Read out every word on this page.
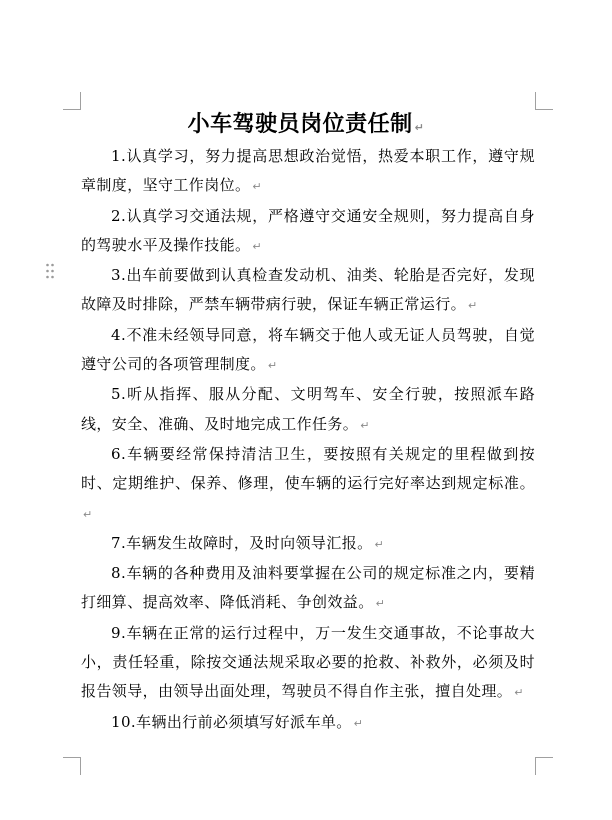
小车驾驶员岗位责任制 ↵

1.认真学习，努力提高思想政治觉悟，热爱本职工作，遵守规章制度，坚守工作岗位。 ↵

2.认真学习交通法规，严格遵守交通安全规则，努力提高自身的驾驶水平及操作技能。 ↵

3.出车前要做到认真检查发动机、油类、轮胎是否完好，发现故障及时排除，严禁车辆带病行驶，保证车辆正常运行。 ↵

4.不准未经领导同意，将车辆交于他人或无证人员驾驶，自觉遵守公司的各项管理制度。 ↵

5.听从指挥、服从分配、文明驾车、安全行驶，按照派车路线，安全、准确、及时地完成工作任务。 ↵

6.车辆要经常保持清洁卫生，要按照有关规定的里程做到按时、定期维护、保养、修理，使车辆的运行完好率达到规定标准。↵

7.车辆发生故障时，及时向领导汇报。 ↵

8.车辆的各种费用及油料要掌握在公司的规定标准之内，要精打细算、提高效率、降低消耗、争创效益。 ↵

9.车辆在正常的运行过程中，万一发生交通事故，不论事故大小，责任轻重，除按交通法规采取必要的抢救、补救外，必须及时报告领导，由领导出面处理，驾驶员不得自作主张，擅自处理。 ↵

10.车辆出行前必须填写好派车单。 ↵
